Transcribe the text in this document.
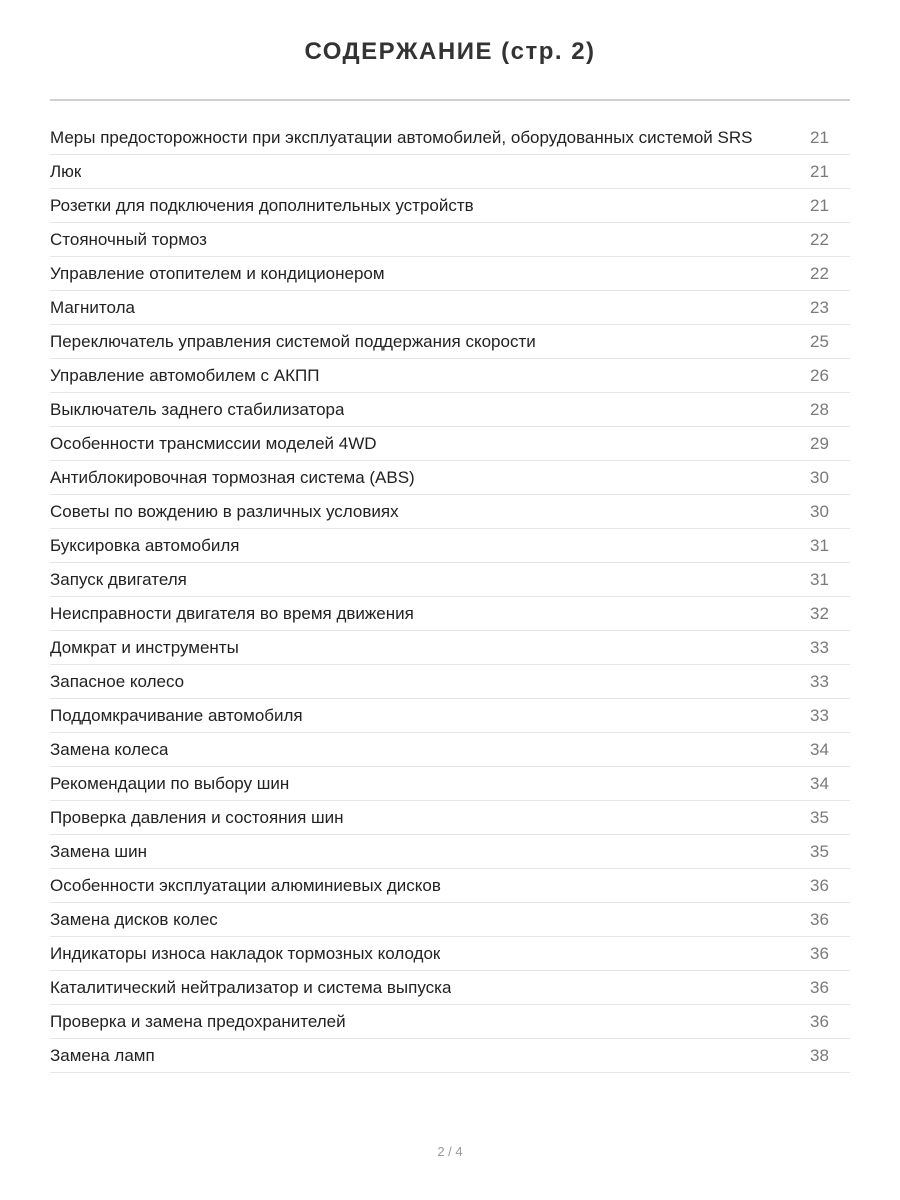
СОДЕРЖАНИЕ (стр. 2)
Меры предосторожности при эксплуатации автомобилей, оборудованных системой SRS	21
Люк	21
Розетки для подключения дополнительных устройств	21
Стояночный тормоз	22
Управление отопителем и кондиционером	22
Магнитола	23
Переключатель управления системой поддержания скорости	25
Управление автомобилем с АКПП	26
Выключатель заднего стабилизатора	28
Особенности трансмиссии моделей 4WD	29
Антиблокировочная тормозная система (ABS)	30
Советы по вождению в различных условиях	30
Буксировка автомобиля	31
Запуск двигателя	31
Неисправности двигателя во время движения	32
Домкрат и инструменты	33
Запасное колесо	33
Поддомкрачивание автомобиля	33
Замена колеса	34
Рекомендации по выбору шин	34
Проверка давления и состояния шин	35
Замена шин	35
Особенности эксплуатации алюминиевых дисков	36
Замена дисков колес	36
Индикаторы износа накладок тормозных колодок	36
Каталитический нейтрализатор и система выпуска	36
Проверка и замена предохранителей	36
Замена ламп	38
2 / 4
